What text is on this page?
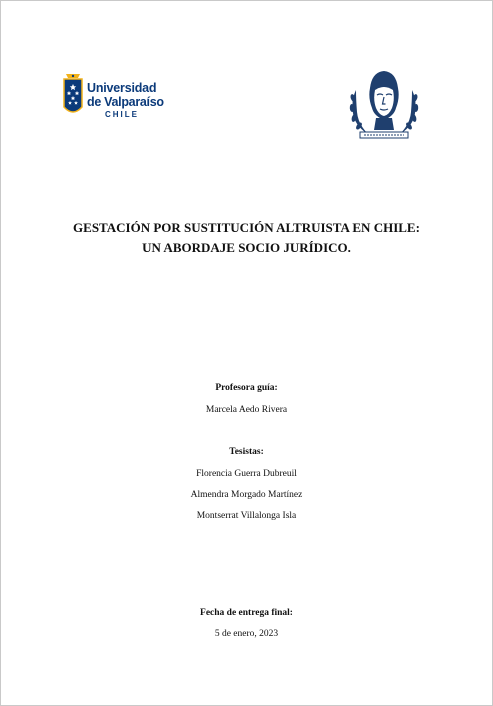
Universidad
de Valparaíso
CHILE
GESTACIÓN POR SUSTITUCIÓN ALTRUISTA EN CHILE:
UN ABORDAJE SOCIO JURÍDICO.
Profesora guía:
Marcela Aedo Rivera
Tesistas:
Florencia Guerra Dubreuil
Almendra Morgado Martínez
Montserrat Villalonga Isla
Fecha de entrega final:
5 de enero, 2023
